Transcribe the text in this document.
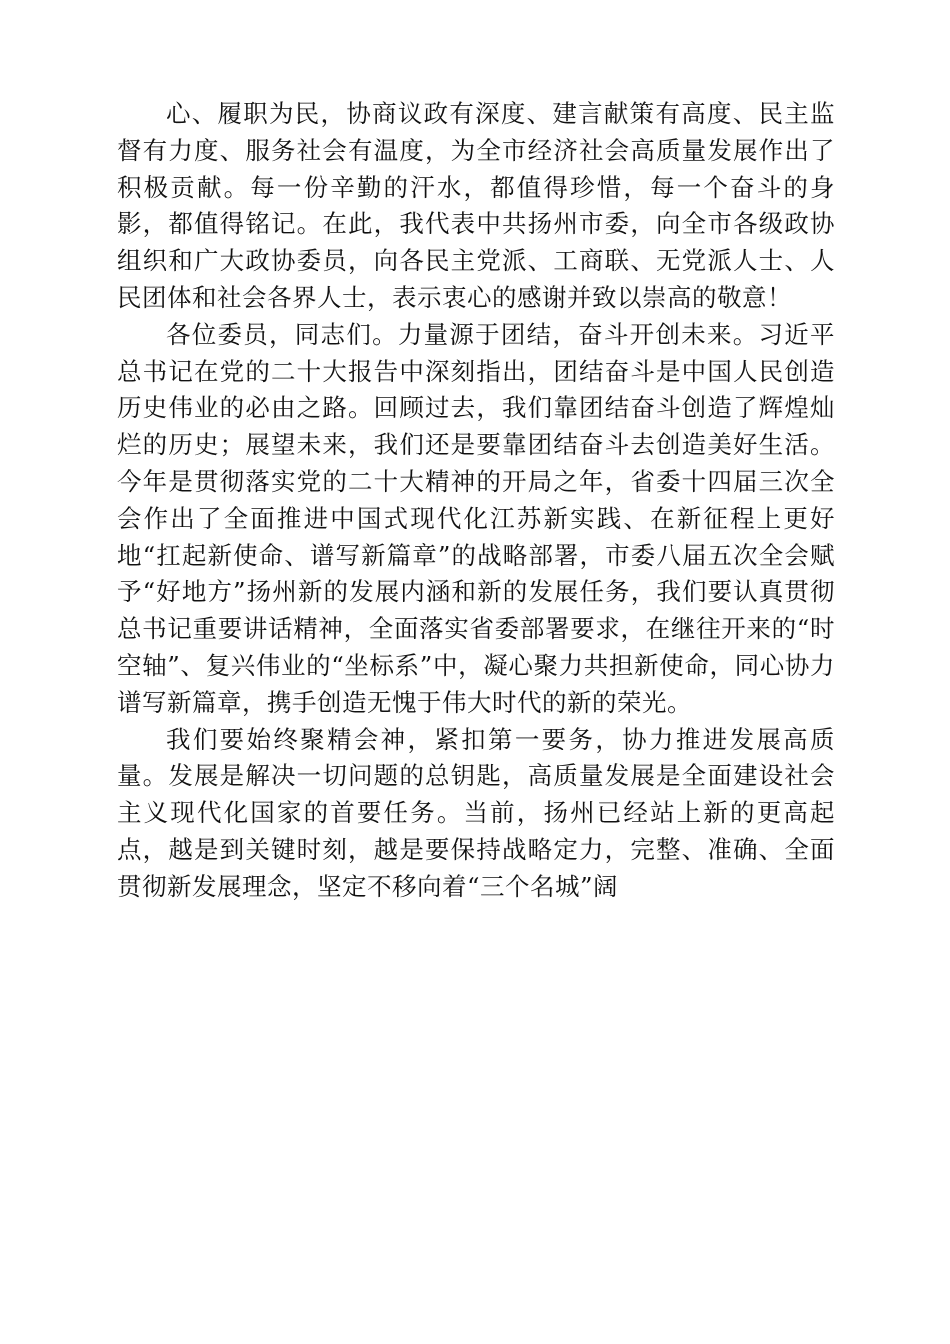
心、履职为民，协商议政有深度、建言献策有高度、民主监督有力度、服务社会有温度，为全市经济社会高质量发展作出了积极贡献。每一份辛勤的汗水，都值得珍惜，每一个奋斗的身影，都值得铭记。在此，我代表中共扬州市委，向全市各级政协组织和广大政协委员，向各民主党派、工商联、无党派人士、人民团体和社会各界人士，表示衷心的感谢并致以崇高的敬意！

各位委员，同志们。力量源于团结，奋斗开创未来。习近平总书记在党的二十大报告中深刻指出，团结奋斗是中国人民创造历史伟业的必由之路。回顾过去，我们靠团结奋斗创造了辉煌灿烂的历史；展望未来，我们还是要靠团结奋斗去创造美好生活。今年是贯彻落实党的二十大精神的开局之年，省委十四届三次全会作出了全面推进中国式现代化江苏新实践、在新征程上更好地“扛起新使命、谱写新篇章”的战略部署，市委八届五次全会赋予“好地方”扬州新的发展内涵和新的发展任务，我们要认真贯彻总书记重要讲话精神，全面落实省委部署要求，在继往开来的“时空轴”、复兴伟业的“坐标系”中，凝心聚力共担新使命，同心协力谱写新篇章，携手创造无愧于伟大时代的新的荣光。

我们要始终聚精会神，紧扣第一要务，协力推进发展高质量。发展是解决一切问题的总钥匙，高质量发展是全面建设社会主义现代化国家的首要任务。当前，扬州已经站上新的更高起点，越是到关键时刻，越是要保持战略定力，完整、准确、全面贯彻新发展理念，坚定不移向着“三个名城”阔
